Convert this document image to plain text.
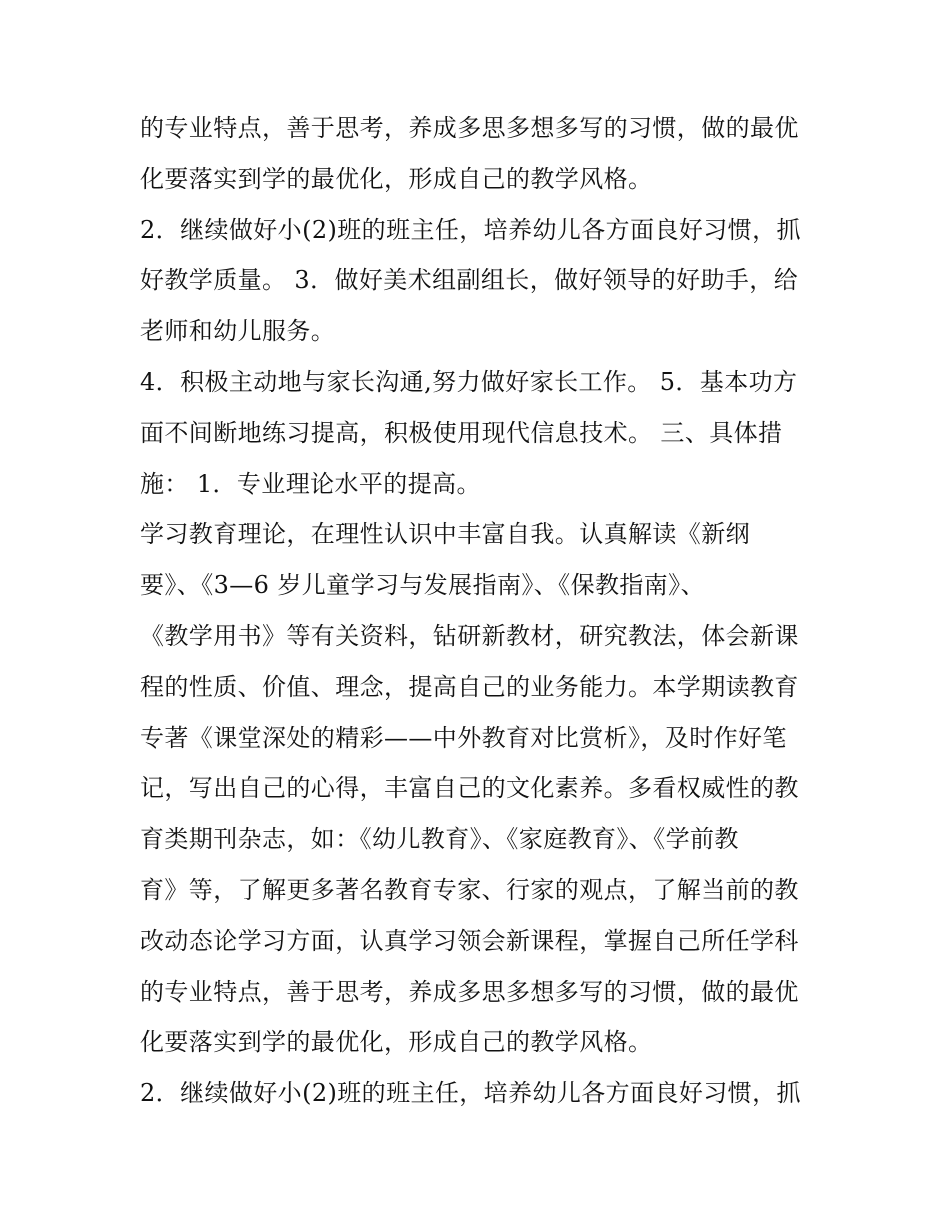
的专业特点，善于思考，养成多思多想多写的习惯，做的最优
化要落实到学的最优化，形成自己的教学风格。
2．继续做好小(2)班的班主任，培养幼儿各方面良好习惯，抓
好教学质量。 3．做好美术组副组长，做好领导的好助手，给
老师和幼儿服务。
4．积极主动地与家长沟通,努力做好家长工作。 5．基本功方
面不间断地练习提高，积极使用现代信息技术。 三、具体措
施： 1．专业理论水平的提高。
学习教育理论，在理性认识中丰富自我。认真解读《新纲
要》、《3—6 岁儿童学习与发展指南》、《保教指南》、
《教学用书》等有关资料，钻研新教材，研究教法，体会新课
程的性质、价值、理念，提高自己的业务能力。本学期读教育
专著《课堂深处的精彩——中外教育对比赏析》，及时作好笔
记，写出自己的心得，丰富自己的文化素养。多看权威性的教
育类期刊杂志，如：《幼儿教育》、《家庭教育》、《学前教
育》等，了解更多著名教育专家、行家的观点，了解当前的教
改动态论学习方面，认真学习领会新课程，掌握自己所任学科
的专业特点，善于思考，养成多思多想多写的习惯，做的最优
化要落实到学的最优化，形成自己的教学风格。
2．继续做好小(2)班的班主任，培养幼儿各方面良好习惯，抓
